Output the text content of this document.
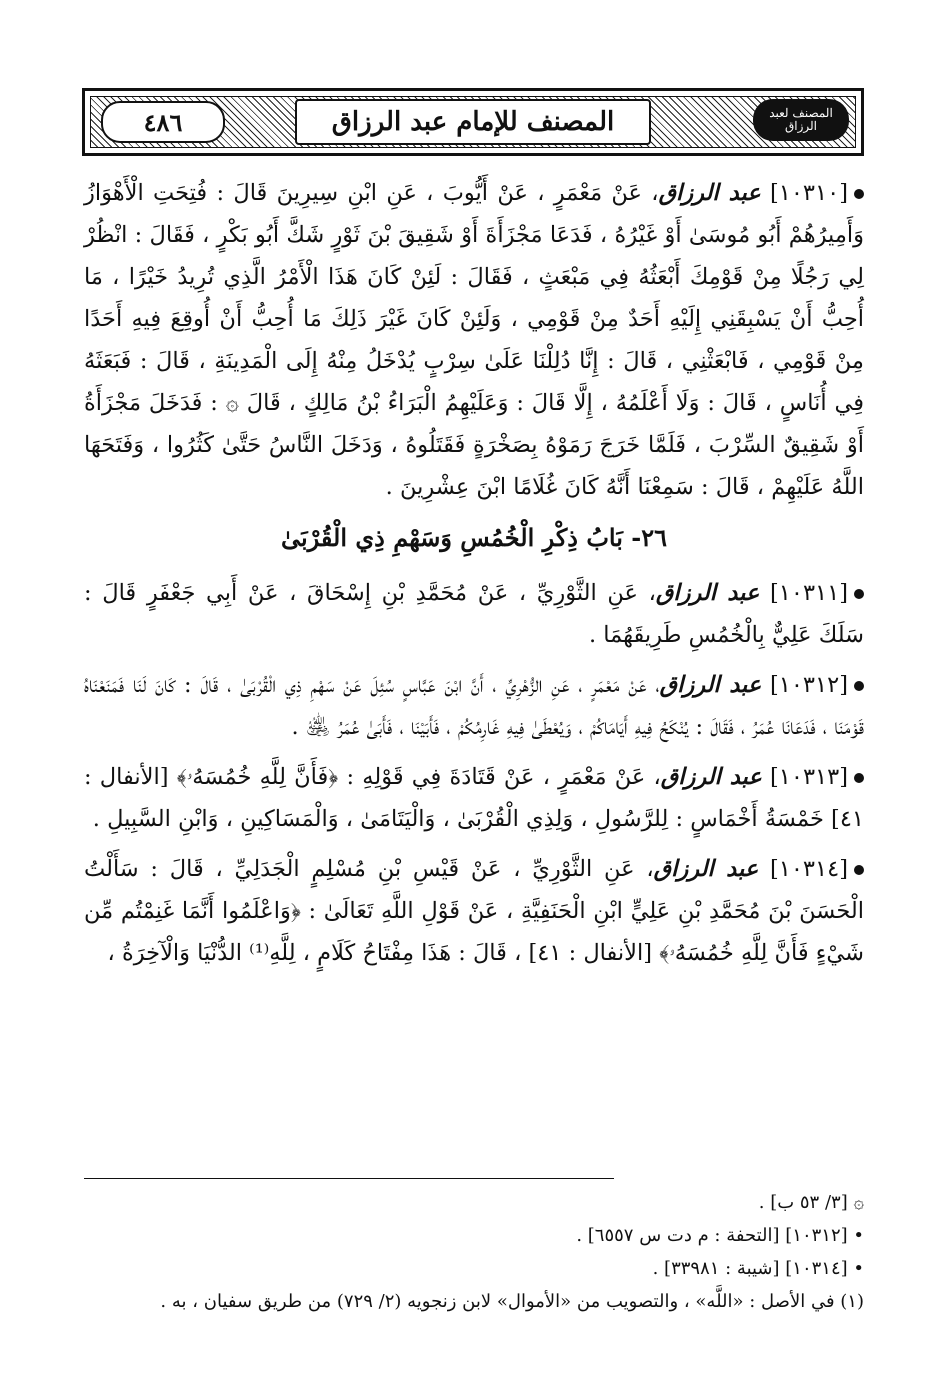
٤٨٦	المصنف للإمام عبد الرزاق	المصنف لعبد الرزاق

[١٠٣١٠] عبد الرزاق، عَنْ مَعْمَرٍ ، عَنْ أَيُّوبَ ، عَنِ ابْنِ سِيرِينَ قَالَ : فُتِحَتِ الْأَهْوَازُ وَأَمِيرُهُمْ أَبُو مُوسَىٰ أَوْ غَيْرُهُ ، فَدَعَا مَجْزَأَةَ أَوْ شَقِيقَ بْنَ ثَوْرٍ شَكَّ أَبُو بَكْرٍ ، فَقَالَ : انْظُرْ لِي رَجُلًا مِنْ قَوْمِكَ أَبْعَثُهُ فِي مَبْعَثٍ ، فَقَالَ : لَئِنْ كَانَ هَذَا الْأَمْرُ الَّذِي تُرِيدُ خَيْرًا ، مَا أُحِبُّ أَنْ يَسْبِقَنِي إِلَيْهِ أَحَدٌ مِنْ قَوْمِي ، وَلَئِنْ كَانَ غَيْرَ ذَلِكَ مَا أُحِبُّ أَنْ أُوقِعَ فِيهِ أَحَدًا مِنْ قَوْمِي ، فَابْعَثْنِي ، قَالَ : إِنَّا دُلِلْنَا عَلَىٰ سِرْبٍ يُدْخَلُ مِنْهُ إِلَى الْمَدِينَةِ ، قَالَ : فَبَعَثَهُ فِي أُنَاسٍ ، قَالَ : وَلَا أَعْلَمُهُ ، إِلَّا قَالَ : وَعَلَيْهِمُ الْبَرَاءُ بْنُ مَالِكٍ ، قَالَ ۞ : فَدَخَلَ مَجْزَأَةُ أَوْ شَقِيقٌ السِّرْبَ ، فَلَمَّا خَرَجَ رَمَوْهُ بِصَخْرَةٍ فَقَتَلُوهُ ، وَدَخَلَ النَّاسُ حَتَّىٰ كَثُرُوا ، وَفَتَحَهَا اللَّهُ عَلَيْهِمْ ، قَالَ : سَمِعْنَا أَنَّهُ كَانَ غُلَامًا ابْنَ عِشْرِينَ .

٢٦- بَابُ ذِكْرِ الْخُمُسِ وَسَهْمِ ذِي الْقُرْبَىٰ

[١٠٣١١] عبد الرزاق، عَنِ الثَّوْرِيِّ ، عَنْ مُحَمَّدِ بْنِ إِسْحَاقَ ، عَنْ أَبِي جَعْفَرٍ قَالَ : سَلَكَ عَلِيٌّ بِالْخُمُسِ طَرِيقَهُمَا .

[١٠٣١٢] عبد الرزاق، عَنْ مَعْمَرٍ ، عَنِ الزُّهْرِيِّ ، أَنَّ ابْنَ عَبَّاسٍ سُئِلَ عَنْ سَهْمِ ذِي الْقُرْبَىٰ ، قَالَ : كَانَ لَنَا فَمَنَعْنَاهُ قَوْمَنَا ، فَدَعَانَا عُمَرُ ، فَقَالَ : يُنْكَحُ فِيهِ أَيَامَاكُمْ ، وَيُعْطَىٰ فِيهِ غَارِمُكُمْ ، فَأَبَيْنَا ، فَأَبَىٰ عُمَرُ ﵁ .

[١٠٣١٣] عبد الرزاق، عَنْ مَعْمَرٍ ، عَنْ قَتَادَةَ فِي قَوْلِهِ : ﴿فَأَنَّ لِلَّهِ خُمُسَهُۥ﴾ [الأنفال : ٤١] خَمْسَةُ أَخْمَاسٍ : لِلرَّسُولِ ، وَلِذِي الْقُرْبَىٰ ، وَالْيَتَامَىٰ ، وَالْمَسَاكِينِ ، وَابْنِ السَّبِيلِ .

[١٠٣١٤] عبد الرزاق، عَنِ الثَّوْرِيِّ ، عَنْ قَيْسِ بْنِ مُسْلِمٍ الْجَدَلِيِّ ، قَالَ : سَأَلْتُ الْحَسَنَ بْنَ مُحَمَّدِ بْنِ عَلِيٍّ ابْنِ الْحَنَفِيَّةِ ، عَنْ قَوْلِ اللَّهِ تَعَالَىٰ : ﴿وَاعْلَمُوا أَنَّمَا غَنِمْتُم مِّن شَيْءٍ فَأَنَّ لِلَّهِ خُمُسَهُۥ﴾ [الأنفال : ٤١] ، قَالَ : هَذَا مِفْتَاحُ كَلَامٍ ، لِلَّهِ⁽¹⁾ الدُّنْيَا وَالْآخِرَةُ ،

۞ [٣/ ٥٣ ب] .

• [١٠٣١٢] [التحفة : م دت س ٦٥٥٧] .

• [١٠٣١٤] [شيبة : ٣٣٩٨١] .

(١) في الأصل : «اللَّه» ، والتصويب من «الأموال» لابن زنجويه (٢/ ٧٢٩) من طريق سفيان ، به .
